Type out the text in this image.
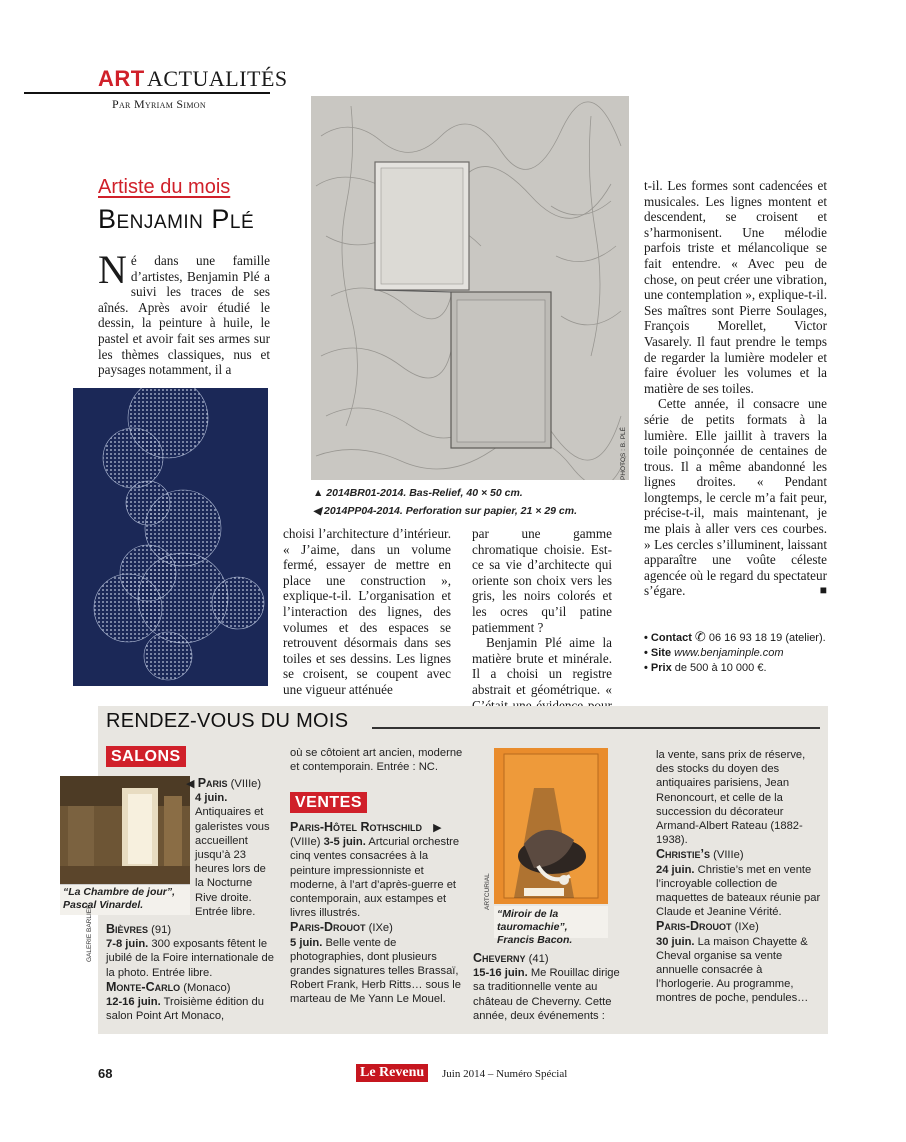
ART ACTUALITÉS
Par Myriam Simon
Artiste du mois
Benjamin Plé

Né dans une famille d’artistes, Benjamin Plé a suivi les traces de ses aînés. Après avoir étudié le dessin, la peinture à huile, le pastel et avoir fait ses armes sur les thèmes classiques, nus et paysages notamment, il a

PHOTOS : B. PLÉ
▲ 2014BR01-2014. Bas-Relief, 40 × 50 cm.
◀ 2014PP04-2014. Perforation sur papier, 21 × 29 cm.

choisi l’architecture d’intérieur. « J’aime, dans un volume fermé, essayer de mettre en place une construction », explique-t-il. L’organisation et l’interaction des lignes, des volumes et des espaces se retrouvent désormais dans ses toiles et ses dessins. Les lignes se croisent, se coupent avec une vigueur atténuée

par une gamme chromatique choisie. Est-ce sa vie d’architecte qui oriente son choix vers les gris, les noirs colorés et les ocres qu’il patine patiemment ?

Benjamin Plé aime la matière brute et minérale. Il a choisi un registre abstrait et géométrique. «

t-il. Les formes sont cadencées et musicales. Les lignes montent et descendent, se croisent et s’harmonisent. Une mélodie parfois triste et mélancolique se fait entendre. « Avec peu de chose, on peut créer une vibration, une contemplation », explique-t-il. Ses maîtres sont Pierre Soulages, François Morellet, Victor Vasarely. Il faut prendre le temps de regarder la lumière modeler et faire évoluer les volumes et la matière de ses toiles.

Cette année, il consacre une série de petits formats à la lumière. Elle jaillit à travers la toile poinçonnée de centaines de trous. Il a même abandonné les lignes droites. « Pendant longtemps, le cercle m’a fait peur, précise-t-il, mais maintenant, je me plais à aller vers ces courbes. » Les cercles s’illuminent, laissant apparaître une voûte céleste agencée où le regard du spectateur s’égare.	■

• Contact ✆ 06 16 93 18 19 (atelier).
• Site www.benjaminple.com
• Prix de 500 à 10 000 €.
RENDEZ-VOUS DU MOIS
SALONS
“La Chambre de jour”, Pascal Vinardel.
GALERIE BARLIER

◀ Paris (VIIIe)

4 juin. Antiquaires et galeristes vous accueillent jusqu’à 23 heures lors de la Nocturne Rive droite. Entrée libre.

Bièvres (91)

7-8 juin. 300 exposants fêtent le jubilé de la Foire internationale de la photo. Entrée libre.

Monte-Carlo (Monaco)

12-16 juin. Troisième édition du salon Point Art Monaco,

où se côtoient art ancien, moderne et contemporain. Entrée : NC.

VENTES

Paris-Hôtel Rothschild ▶

(VIIIe) 3-5 juin. Artcurial orchestre cinq ventes consacrées à la peinture impressionniste et moderne, à l’art d’après-guerre et contemporain, aux estampes et livres illustrés.

Paris-Drouot (IXe)

5 juin. Belle vente de photographies, dont plusieurs grandes signatures telles Brassaï, Robert Frank, Herb Ritts… sous le marteau de Me Yann Le Mouel.

“Miroir de la tauromachie”, Francis Bacon.
ARTCURIAL

Cheverny (41)

15-16 juin. Me Rouillac dirige sa traditionnelle vente au château de Cheverny. Cette année, deux événements :

la vente, sans prix de réserve, des stocks du doyen des antiquaires parisiens, Jean Renoncourt, et celle de la succession du décorateur Armand-Albert Rateau (1882-1938).

Christie’s (VIIIe)

24 juin. Christie’s met en vente l’incroyable collection de maquettes de bateaux réunie par Claude et Jeanine Vérité.

Paris-Drouot (IXe)

30 juin. La maison Chayette & Cheval organise sa vente annuelle consacrée à l’horlogerie. Au programme, montres de poche, pendules…

68	Le Revenu	Juin 2014 – Numéro Spécial
